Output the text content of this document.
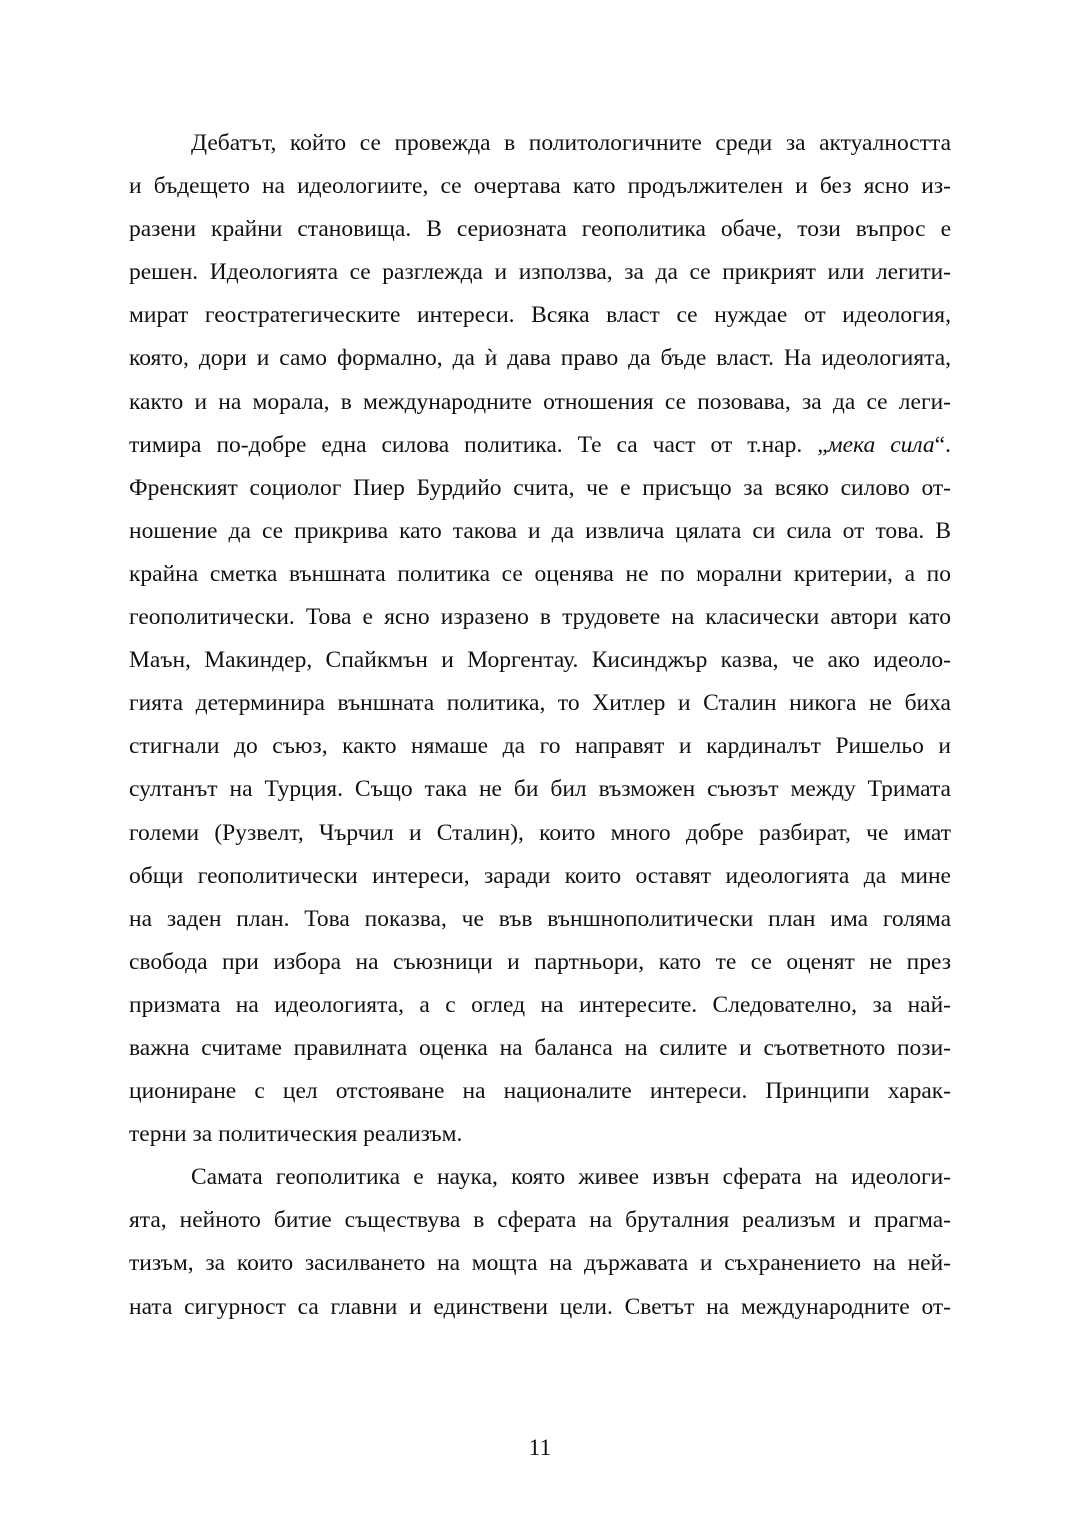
Дебатът, който се провежда в политологичните среди за актуалността
и бъдещето на идеологиите, се очертава като продължителен и без ясно из-
разени крайни становища. В сериозната геополитика обаче, този въпрос е
решен. Идеологията се разглежда и използва, за да се прикрият или легити-
мират геостратегическите интереси. Всяка власт се нуждае от идеология,
която, дори и само формално, да ѝ дава право да бъде власт. На идеологията,
както и на морала, в международните отношения се позовава, за да се леги-
тимира по-добре една силова политика. Те са част от т.нар. „мека сила“.
Френският социолог Пиер Бурдийо счита, че е присъщо за всяко силово от-
ношение да се прикрива като такова и да извлича цялата си сила от това. В
крайна сметка външната политика се оценява не по морални критерии, а по
геополитически. Това е ясно изразено в трудовете на класически автори като
Маън, Макиндер, Спайкмън и Моргентау. Кисинджър казва, че ако идеоло-
гията детерминира външната политика, то Хитлер и Сталин никога не биха
стигнали до съюз, както нямаше да го направят и кардиналът Ришельо и
султанът на Турция. Също така не би бил възможен съюзът между Тримата
големи (Рузвелт, Чърчил и Сталин), които много добре разбират, че имат
общи геополитически интереси, заради които оставят идеологията да мине
на заден план. Това показва, че във външнополитически план има голяма
свобода при избора на съюзници и партньори, като те се оценят не през
призмата на идеологията, а с оглед на интересите. Следователно, за най-
важна считаме правилната оценка на баланса на силите и съответното пози-
циониране с цел отстояване на националите интереси. Принципи харак-
терни за политическия реализъм.
Самата геополитика е наука, която живее извън сферата на идеологи-
ята, нейното битие съществува в сферата на бруталния реализъм и прагма-
тизъм, за които засилването на мощта на държавата и съхранението на ней-
ната сигурност са главни и единствени цели. Светът на международните от-
11
